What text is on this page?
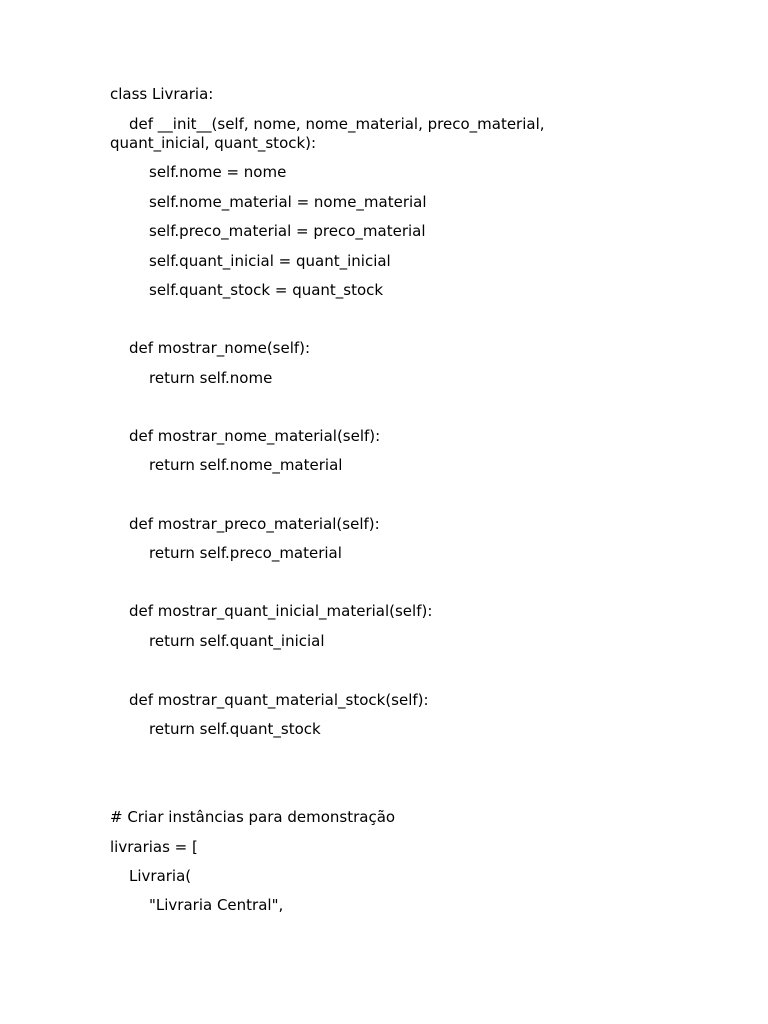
class Livraria:
def __init__(self, nome, nome_material, preco_material,
quant_inicial, quant_stock):
self.nome = nome
self.nome_material = nome_material
self.preco_material = preco_material
self.quant_inicial = quant_inicial
self.quant_stock = quant_stock
def mostrar_nome(self):
return self.nome
def mostrar_nome_material(self):
return self.nome_material
def mostrar_preco_material(self):
return self.preco_material
def mostrar_quant_inicial_material(self):
return self.quant_inicial
def mostrar_quant_material_stock(self):
return self.quant_stock
# Criar instâncias para demonstração
livrarias = [
Livraria(
"Livraria Central",
